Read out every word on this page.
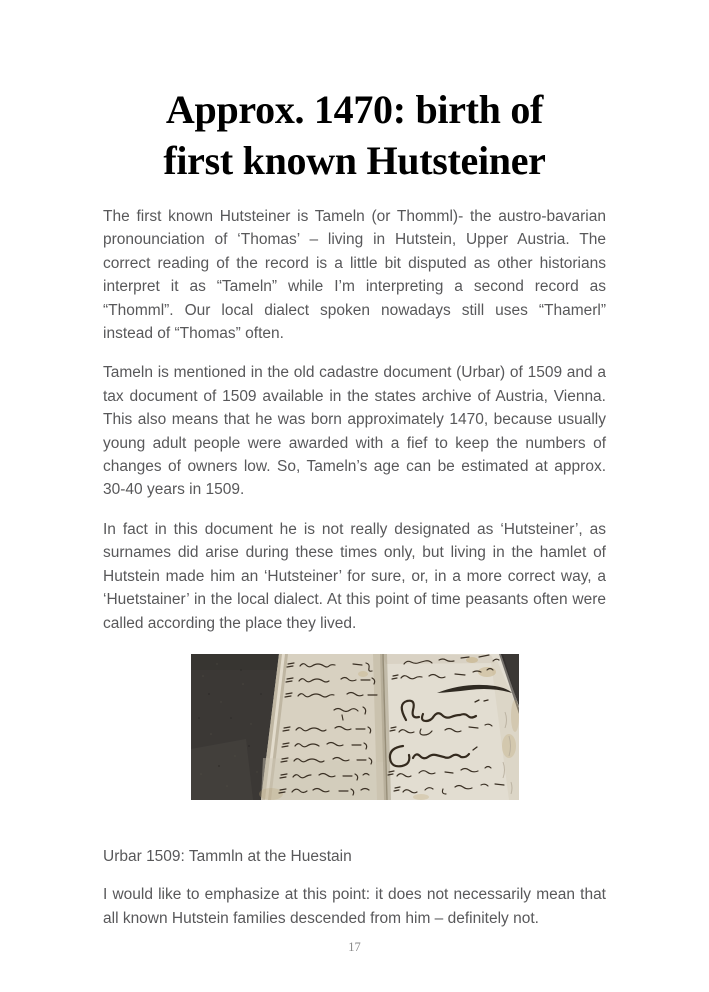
Approx. 1470: birth of
first known Hutsteiner

The first known Hutsteiner is Tameln (or Thomml)- the austro-bavarian pronounciation of ‘Thomas’ – living in Hutstein, Upper Austria. The correct reading of the record is a little bit disputed as other historians interpret it as “Tameln” while I’m interpreting a second record as “Thomml”. Our local dialect spoken nowadays still uses “Thamerl” instead of “Thomas” often.

Tameln is mentioned in the old cadastre document (Urbar) of 1509 and a tax document of 1509 available in the states archive of Austria, Vienna. This also means that he was born approximately 1470, because usually young adult people were awarded with a fief to keep the numbers of changes of owners low. So, Tameln’s age can be estimated at approx. 30-40 years in 1509.

In fact in this document he is not really designated as ‘Hutsteiner’, as surnames did arise during these times only, but living in the hamlet of Hutstein made him an ‘Hutsteiner’ for sure, or, in a more correct way, a ‘Huetstainer’ in the local dialect. At this point of time peasants often were called according the place they lived.

Urbar 1509: Tammln at the Huestain

I would like to emphasize at this point: it does not necessarily mean that all known Hutstein families descended from him – definitely not.

17
